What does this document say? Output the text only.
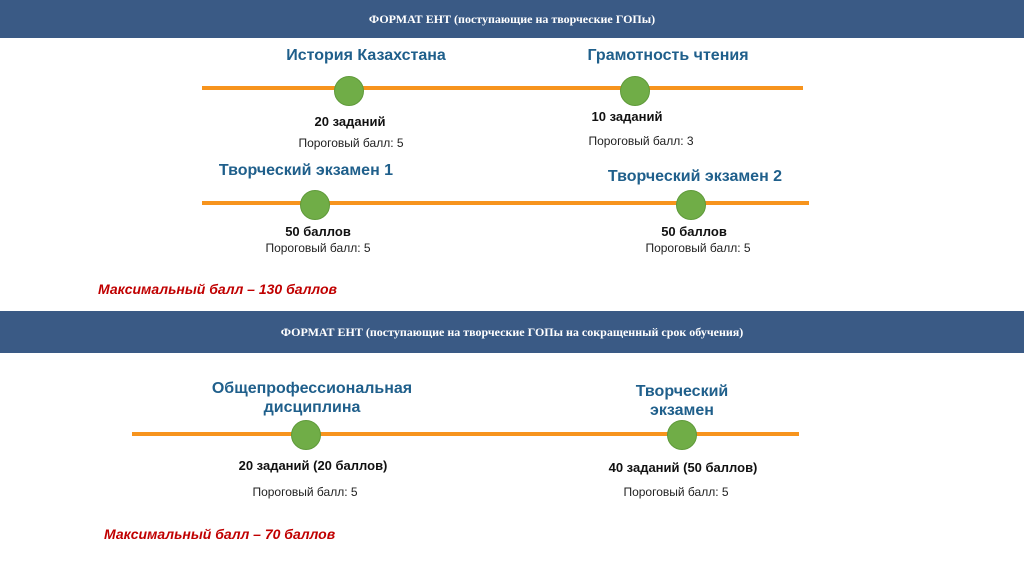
ФОРМАТ ЕНТ (поступающие на творческие ГОПы)
История Казахстана	Грамотность чтения
20 заданий
Пороговый балл: 5
10 заданий
Пороговый балл: 3
Творческий экзамен 1	Творческий экзамен 2
50 баллов
Пороговый балл: 5
50 баллов
Пороговый балл: 5
Максимальный балл – 130 баллов
ФОРМАТ ЕНТ (поступающие на творческие ГОПы на сокращенный срок обучения)
Общепрофессиональная
дисциплина
Творческий
экзамен
20 заданий (20 баллов)
Пороговый балл: 5
40 заданий (50 баллов)
Пороговый балл: 5
Максимальный балл – 70 баллов
